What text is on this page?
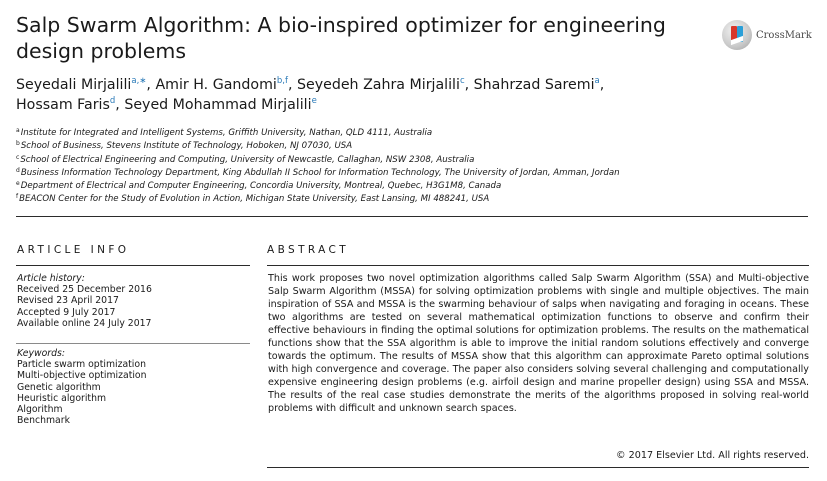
Salp Swarm Algorithm: A bio-inspired optimizer for engineering design problems
CrossMark
Seyedali Mirjalili$^{a,∗}$, Amir H. Gandomi$^{b,f}$, Seyedeh Zahra Mirjalili$^c$, Shahrzad Saremi$^a$,
Hossam Faris$^d$, Seyed Mohammad Mirjalili$^e$
$^a$Institute for Integrated and Intelligent Systems, Griffith University, Nathan, QLD 4111, Australia
$^b$School of Business, Stevens Institute of Technology, Hoboken, NJ 07030, USA
$^c$School of Electrical Engineering and Computing, University of Newcastle, Callaghan, NSW 2308, Australia
$^d$Business Information Technology Department, King Abdullah II School for Information Technology, The University of Jordan, Amman, Jordan
$^e$Department of Electrical and Computer Engineering, Concordia University, Montreal, Quebec, H3G1M8, Canada
$^f$BEACON Center for the Study of Evolution in Action, Michigan State University, East Lansing, MI 488241, USA
ARTICLE INFO
Article history:
Received 25 December 2016
Revised 23 April 2017
Accepted 9 July 2017
Available online 24 July 2017
Keywords:
Particle swarm optimization
Multi-objective optimization
Genetic algorithm
Heuristic algorithm
Algorithm
Benchmark
ABSTRACT

This work proposes two novel optimization algorithms called Salp Swarm Algorithm (SSA) and Multi-objective Salp Swarm Algorithm (MSSA) for solving optimization problems with single and multiple objectives. The main inspiration of SSA and MSSA is the swarming behaviour of salps when navigating and foraging in oceans. These two algorithms are tested on several mathematical optimization functions to observe and confirm their effective behaviours in finding the optimal solutions for optimization problems. The results on the mathematical functions show that the SSA algorithm is able to improve the initial random solutions effectively and converge towards the optimum. The results of MSSA show that this algorithm can approximate Pareto optimal solutions with high convergence and coverage. The paper also considers solving several challenging and computationally expensive engineering design problems (e.g. airfoil design and marine propeller design) using SSA and MSSA. The results of the real case studies demonstrate the merits of the algorithms proposed in solving real-world problems with difficult and unknown search spaces.

© 2017 Elsevier Ltd. All rights reserved.
